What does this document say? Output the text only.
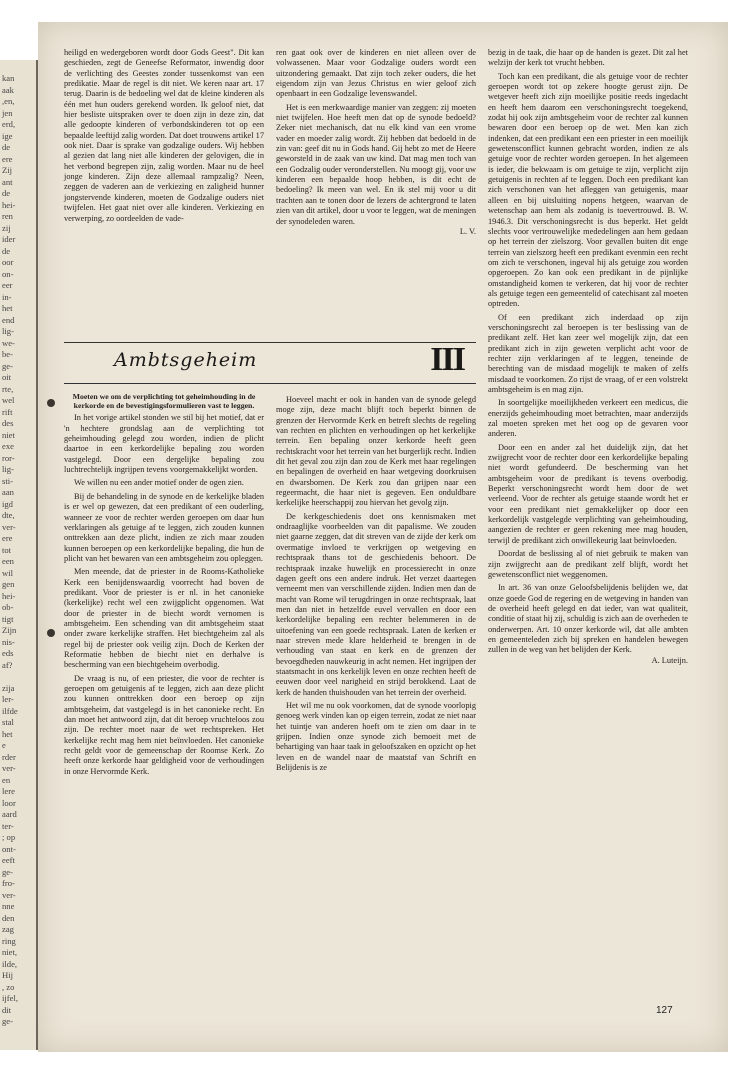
kan
aak
,en,
jen
erd,
ige
de
ere
Zij
ant
de
hei-
ren
zij
ider
de
oor
on-
eer
in-
het
end
lig-
we-
be-
ge-
oit
rte,
wel
rift
des
niet
exe
ror-
lig-
sti-
aan
igd
dte,
ver-
ere
tot
een
wil
gen
hei-
ob-
tigt
Zijn
nis-
eds
af?
zija
ler-
ilfde
stal
het
e
rder
ver-
en
lere
loor
aard
ter-
; op
ont-
eeft
ge-
fro-
ver-
nne
den
zag
ring
niet,
ilde,
Hij
, zo
ijfel,
dit
ge-

heiligd en wedergeboren wordt door Gods Geest". Dit kan geschieden, zegt de Geneefse Reformator, inwendig door de verlichting des Geestes zonder tussenkomst van een predikatie. Maar de regel is dit niet. We keren naar art. 17 terug. Daarin is de bedoeling wel dat de kleine kinderen als één met hun ouders gerekend worden. Ik geloof niet, dat hier besliste uitspraken over te doen zijn in deze zin, dat alle gedoopte kinderen of verbondskinderen tot op een bepaalde leeftijd zalig worden. Dat doet trouwens artikel 17 ook niet. Daar is sprake van godzalige ouders. Wij hebben al gezien dat lang niet alle kinderen der gelovigen, die in het verbond begrepen zijn, zalig worden. Maar nu de heel jonge kinderen. Zijn deze allemaal rampzalig? Neen, zeggen de vaderen aan de verkiezing en zaligheid hunner jongstervende kinderen, moeten de Godzalige ouders niet twijfelen. Het gaat niet over alle kinderen. Verkiezing en verwerping, zo oordeelden de vade-

ren gaat ook over de kinderen en niet alleen over de volwassenen. Maar voor Godzalige ouders wordt een uitzondering gemaakt. Dat zijn toch zeker ouders, die het eigendom zijn van Jezus Christus en wier geloof zich openbaart in een Godzalige levenswandel.

Het is een merkwaardige manier van zeggen: zij moeten niet twijfelen. Hoe heeft men dat op de synode bedoeld? Zeker niet mechanisch, dat nu elk kind van een vrome vader en moeder zalig wordt. Zij hebben dat bedoeld in de zin van: geef dit nu in Gods hand. Gij hebt zo met de Heere geworsteld in de zaak van uw kind. Dat mag men toch van een Godzalig ouder veronderstellen. Nu moogt gij, voor uw kinderen een bepaalde hoop hebben, is dit echt de bedoeling? Ik meen van wel. En ik stel mij voor u dit trachten aan te tonen door de lezers de achtergrond te laten zien van dit artikel, door u voor te leggen, wat de meningen der synodeleden waren.

L. V.

Ambtsgeheim	III

Moeten we om de verplichting tot geheimhouding in de kerkorde en de bevestigingsformulieren vast te leggen.

In het vorige artikel stonden we stil bij het motief, dat er 'n hechtere grondslag aan de verplichting tot geheimhouding gelegd zou worden, indien de plicht daartoe in een kerkordelijke bepaling zou worden vastgelegd. Door een dergelijke bepaling zou luchtrechtelijk ingrijpen tevens voorgemakkelijkt worden.

We willen nu een ander motief onder de ogen zien.

Bij de behandeling in de synode en de kerkelijke bladen is er wel op gewezen, dat een predikant of een ouderling, wanneer ze voor de rechter werden geroepen om daar hun verklaringen als getuige af te leggen, zich zouden kunnen onttrekken aan deze plicht, indien ze zich maar zouden kunnen beroepen op een kerkordelijke bepaling, die hun de plicht van het bewaren van een ambtsgeheim zou opleggen.

Men meende, dat de priester in de Rooms-Katholieke Kerk een benijdenswaardig voorrecht had boven de predikant. Voor de priester is er nl. in het canonieke (kerkelijke) recht wel een zwijgplicht opgenomen. Wat door de priester in de biecht wordt vernomen is ambtsgeheim. Een schending van dit ambtsgeheim staat onder zware kerkelijke straffen. Het biechtgeheim zal als regel bij de priester ook veilig zijn. Doch de Kerken der Reformatie hebben de biecht niet en derhalve is bescherming van een biechtgeheim overbodig.

De vraag is nu, of een priester, die voor de rechter is geroepen om getuigenis af te leggen, zich aan deze plicht zou kunnen onttrekken door een beroep op zijn ambtsgeheim, dat vastgelegd is in het canonieke recht. En dan moet het antwoord zijn, dat dit beroep vruchteloos zou zijn. De rechter moet naar de wet rechtspreken. Het kerkelijke recht mag hem niet beïnvloeden. Het canonieke recht geldt voor de gemeenschap der Roomse Kerk. Zo heeft onze kerkorde haar geldigheid voor de verhoudingen in onze Hervormde Kerk.

Hoeveel macht er ook in handen van de synode gelegd moge zijn, deze macht blijft toch beperkt binnen de grenzen der Hervormde Kerk en betreft slechts de regeling van rechten en plichten en verhoudingen op het kerkelijke terrein. Een bepaling onzer kerkorde heeft geen rechtskracht voor het terrein van het burgerlijk recht. Indien dit het geval zou zijn dan zou de Kerk met haar regelingen en bepalingen de overheid en haar wetgeving doorkruisen en dwarsbomen. De Kerk zou dan grijpen naar een regeermacht, die haar niet is gegeven. Een onduldbare kerkelijke heerschappij zou hiervan het gevolg zijn.

De kerkgeschiedenis doet ons kennismaken met ondraaglijke voorbeelden van dit papalisme. We zouden niet gaarne zeggen, dat dit streven van de zijde der kerk om overmatige invloed te verkrijgen op wetgeving en rechtspraak thans tot de geschiedenis behoort. De rechtspraak inzake huwelijk en processierecht in onze dagen geeft ons een andere indruk. Het verzet daartegen verneemt men van verschillende zijden. Indien men dan de macht van Rome wil terugdringen in onze rechtspraak, laat men dan niet in hetzelfde euvel vervallen en door een kerkordelijke bepaling een rechter belemmeren in de uitoefening van een goede rechtspraak. Laten de kerken er naar streven mede klare helderheid te brengen in de verhouding van staat en kerk en de grenzen der bevoegdheden nauwkeurig in acht nemen. Het ingrijpen der staatsmacht in ons kerkelijk leven en onze rechten heeft de eeuwen door veel narigheid en strijd berokkend. Laat de kerk de handen thuishouden van het terrein der overheid.

Het wil me nu ook voorkomen, dat de synode voorlopig genoeg werk vinden kan op eigen terrein, zodat ze niet naar het tuintje van anderen hoeft om te zien om daar in te grijpen. Indien onze synode zich bemoeit met de behartiging van haar taak in geloofszaken en opzicht op het leven en de wandel naar de maatstaf van Schrift en Belijdenis is ze

bezig in de taak, die haar op de handen is gezet. Dit zal het welzijn der kerk tot vrucht hebben.

Toch kan een predikant, die als getuige voor de rechter geroepen wordt tot op zekere hoogte gerust zijn. De wetgever heeft zich zijn moeilijke positie reeds ingedacht en heeft hem daarom een verschoningsrecht toegekend, zodat hij ook zijn ambtsgeheim voor de rechter zal kunnen bewaren door een beroep op de wet. Men kan zich indenken, dat een predikant een een priester in een moeilijk gewetensconflict kunnen gebracht worden, indien ze als getuige voor de rechter worden geroepen. In het algemeen is ieder, die bekwaam is om getuige te zijn, verplicht zijn getuigenis in rechten af te leggen. Doch een predikant kan zich verschonen van het afleggen van getuigenis, maar alleen en bij uitsluiting nopens hetgeen, waarvan de wetenschap aan hem als zodanig is toevertrouwd. B. W. 1946.3. Dit verschoningsrecht is dus beperkt. Het geldt slechts voor vertrouwelijke mededelingen aan hem gedaan op het terrein der zielszorg. Voor gevallen buiten dit enge terrein van zielszorg heeft een predikant evenmin een recht om zich te verschonen, ingeval hij als getuige zou worden opgeroepen. Zo kan ook een predikant in de pijnlijke omstandigheid komen te verkeren, dat hij voor de rechter als getuige tegen een gemeentelid of catechisant zal moeten optreden.

Of een predikant zich inderdaad op zijn verschoningsrecht zal beroepen is ter beslissing van de predikant zelf. Het kan zeer wel mogelijk zijn, dat een predikant zich in zijn geweten verplicht acht voor de rechter zijn verklaringen af te leggen, teneinde de berechting van de misdaad mogelijk te maken of zelfs misdaad te voorkomen. Zo rijst de vraag, of er een volstrekt ambtsgeheim is en mag zijn.

In soortgelijke moeilijkheden verkeert een medicus, die enerzijds geheimhouding moet betrachten, maar anderzijds zal moeten spreken met het oog op de gevaren voor anderen.

Door een en ander zal het duidelijk zijn, dat het zwijgrecht voor de rechter door een kerkordelijke bepaling niet wordt gefundeerd. De bescherming van het ambtsgeheim voor de predikant is tevens overbodig. Beperkt verschoningsrecht wordt hem door de wet verleend. Voor de rechter als getuige staande wordt het er voor een predikant niet gemakkelijker op door een kerkordelijk vastgelegde verplichting van geheimhouding, aangezien de rechter er geen rekening mee mag houden, terwijl de predikant zich onwillekeurig laat beïnvloeden.

Doordat de beslissing al of niet gebruik te maken van zijn zwijgrecht aan de predikant zelf blijft, wordt het gewetensconflict niet weggenomen.

In art. 36 van onze Geloofsbelijdenis belijden we, dat onze goede God de regering en de wetgeving in handen van de overheid heeft gelegd en dat ieder, van wat qualiteit, conditie of staat hij zij, schuldig is zich aan de overheden te onderwerpen. Art. 10 onzer kerkorde wil, dat alle ambten en gemeenteleden zich bij spreken en handelen bewegen zullen in de weg van het belijden der Kerk.

A. Luteijn.

127
